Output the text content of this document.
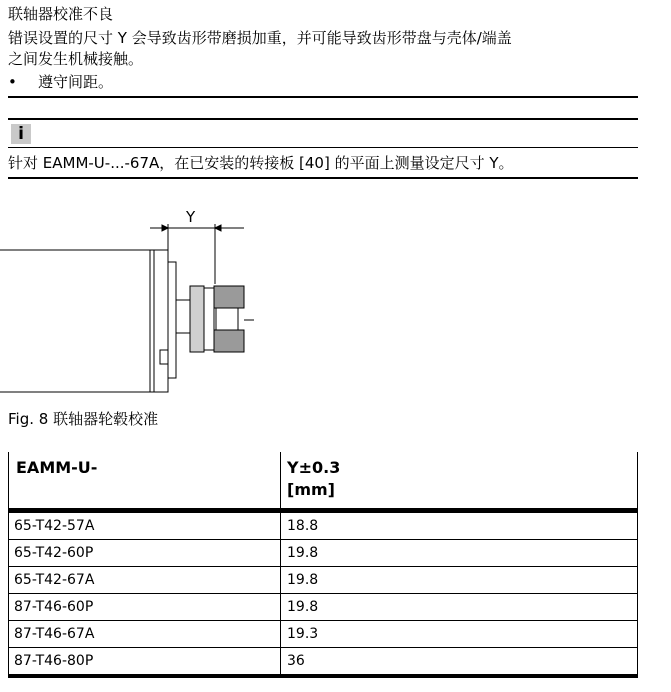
联轴器校准不良
错误设置的尺寸 Y 会导致齿形带磨损加重，并可能导致齿形带盘与壳体/端盖
之间发生机械接触。
• 遵守间距。
i
针对 EAMM-U-...-67A，在已安装的转接板 [40] 的平面上测量设定尺寸 Y。
Y
Fig. 8 联轴器轮毂校准
EAMM-U-	Y±0.3
[mm]
65-T42-57A	18.8
65-T42-60P	19.8
65-T42-67A	19.8
87-T46-60P	19.8
87-T46-67A	19.3
87-T46-80P	36
